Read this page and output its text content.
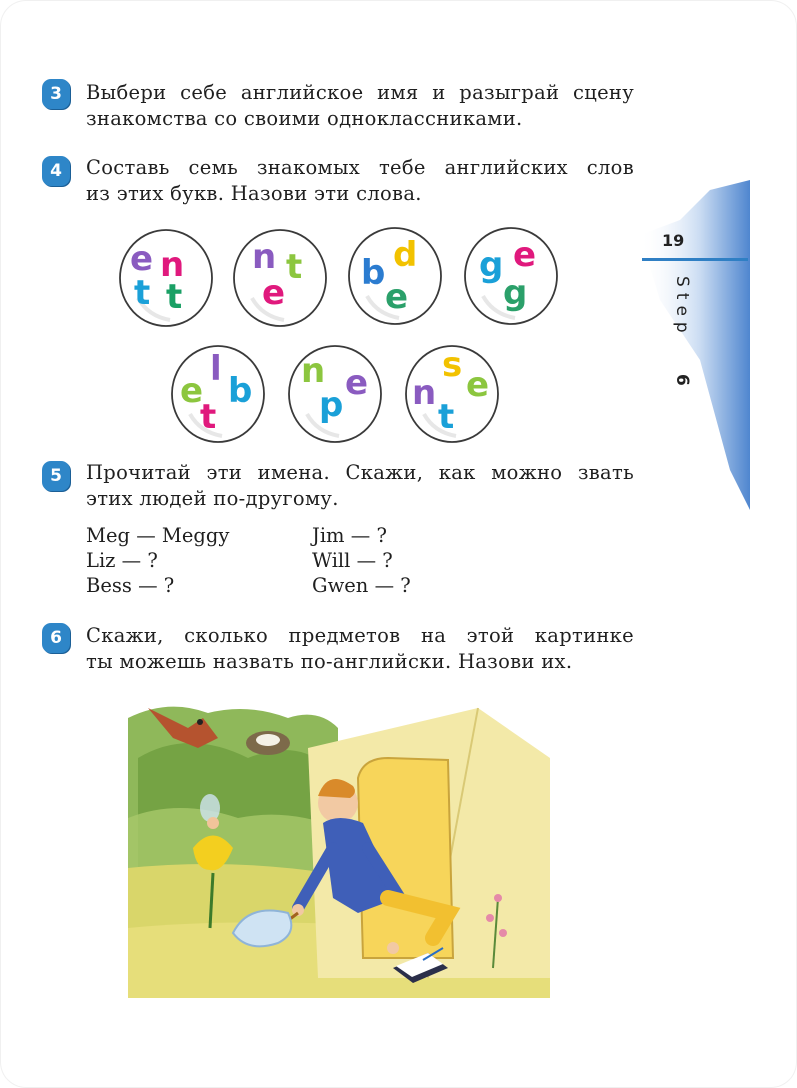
19
Step
6
3	Выбери себе английское имя и разыграй сцену
знакомства со своими одноклассниками.
4	Составь семь знакомых тебе английских слов
из этих букв. Назови эти слова.
e n
t t
n t
e
d
b
e
e
g
g
l
e b
t
n e
p
s e
n
t
5	Прочитай эти имена. Скажи, как можно звать
этих людей по-другому.
Meg — Meggy	Jim — ?
Liz — ?	Will — ?
Bess — ?	Gwen — ?
6	Скажи, сколько предметов на этой картинке
ты можешь назвать по-английски. Назови их.
